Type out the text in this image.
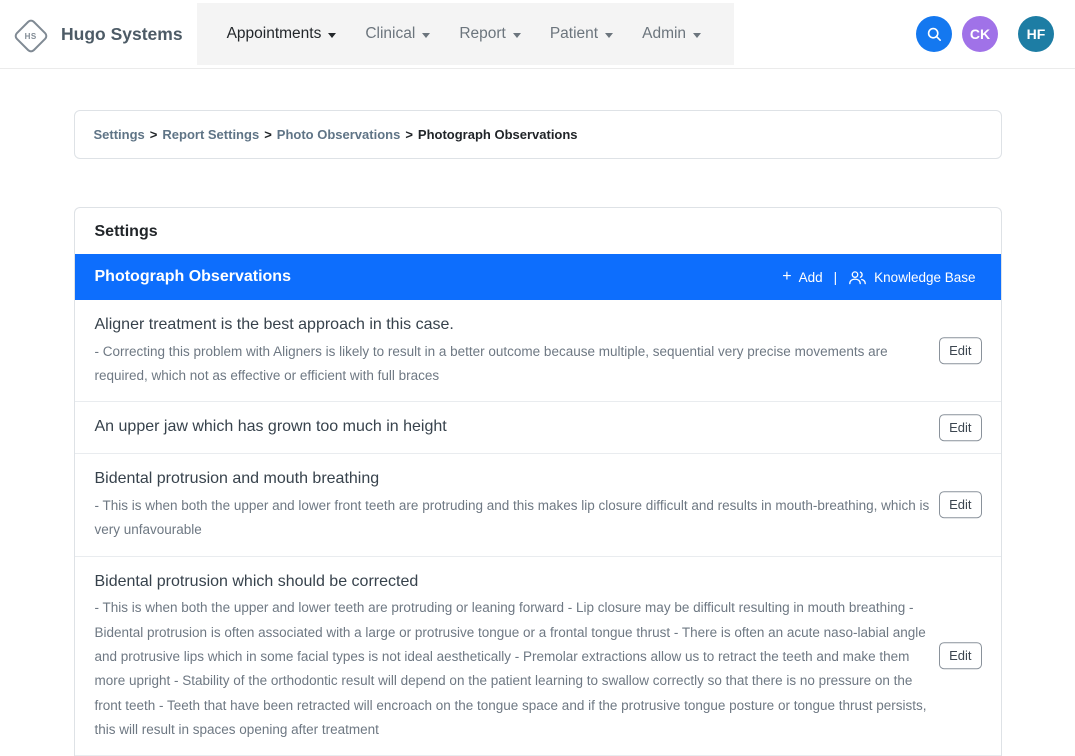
HS Hugo Systems	Appointments	Clinical	Report	Patient	Admin	CK	HF
Settings > Report Settings > Photo Observations > Photograph Observations
Settings
Photograph Observations	+ Add |	Knowledge Base
Aligner treatment is the best approach in this case.
- Correcting this problem with Aligners is likely to result in a better outcome because multiple, sequential very precise movements are required, which not as effective or efficient with full braces
Edit
An upper jaw which has grown too much in height	Edit
Bidental protrusion and mouth breathing
- This is when both the upper and lower front teeth are protruding and this makes lip closure difficult and results in mouth-breathing, which is very unfavourable
Edit
Bidental protrusion which should be corrected
- This is when both the upper and lower teeth are protruding or leaning forward - Lip closure may be difficult resulting in mouth breathing - Bidental protrusion is often associated with a large or protrusive tongue or a frontal tongue thrust - There is often an acute naso-labial angle and protrusive lips which in some facial types is not ideal aesthetically - Premolar extractions allow us to retract the teeth and make them more upright - Stability of the orthodontic result will depend on the patient learning to swallow correctly so that there is no pressure on the front teeth - Teeth that have been retracted will encroach on the tongue space and if the protrusive tongue posture or tongue thrust persists, this will result in spaces opening after treatment
Edit
